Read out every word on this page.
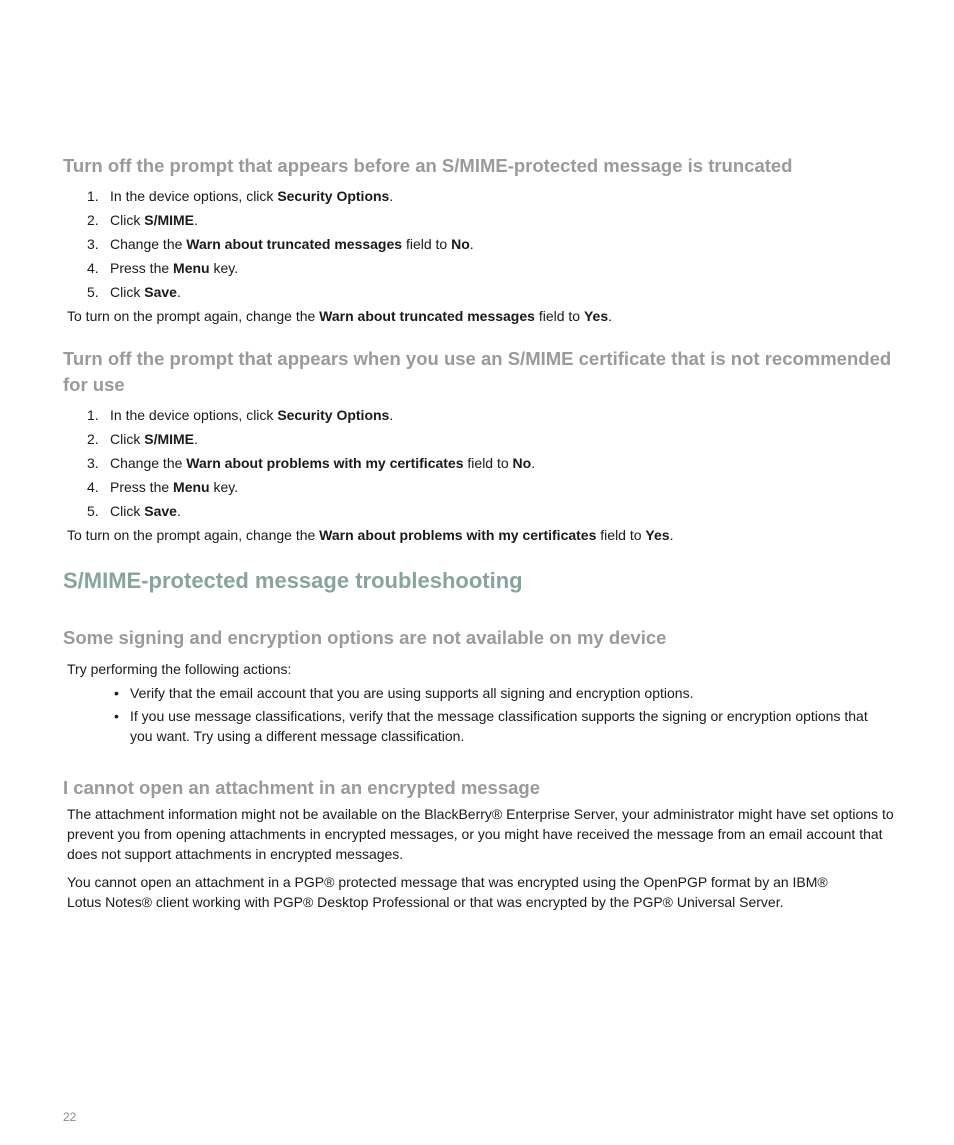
Turn off the prompt that appears before an S/MIME-protected message is truncated
1. In the device options, click Security Options.
2. Click S/MIME.
3. Change the Warn about truncated messages field to No.
4. Press the Menu key.
5. Click Save.
To turn on the prompt again, change the Warn about truncated messages field to Yes.
Turn off the prompt that appears when you use an S/MIME certificate that is not recommended
for use
1. In the device options, click Security Options.
2. Click S/MIME.
3. Change the Warn about problems with my certificates field to No.
4. Press the Menu key.
5. Click Save.
To turn on the prompt again, change the Warn about problems with my certificates field to Yes.
S/MIME-protected message troubleshooting
Some signing and encryption options are not available on my device
Try performing the following actions:
• Verify that the email account that you are using supports all signing and encryption options.
• If you use message classifications, verify that the message classification supports the signing or encryption options that you want. Try using a different message classification.
I cannot open an attachment in an encrypted message
The attachment information might not be available on the BlackBerry® Enterprise Server, your administrator might have set options to prevent you from opening attachments in encrypted messages, or you might have received the message from an email account that does not support attachments in encrypted messages.
You cannot open an attachment in a PGP® protected message that was encrypted using the OpenPGP format by an IBM® Lotus Notes® client working with PGP® Desktop Professional or that was encrypted by the PGP® Universal Server.
22
